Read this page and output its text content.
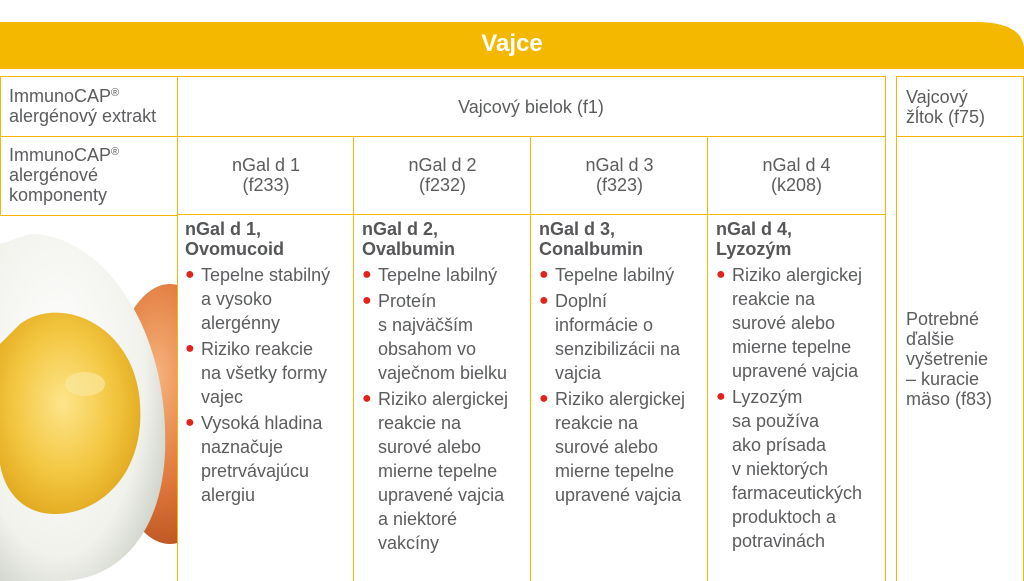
Vajce
ImmunoCAP®
alergénový extrakt	Vajcový bielok (f1)	Vajcový
žĺtok (f75)
ImmunoCAP®
alergénové
komponenty
nGal d 1
(f233)
nGal d 2
(f232)
nGal d 3
(f323)
nGal d 4
(k208)
Potrebné
ďalšie
vyšetrenie
– kuracie
mäso (f83)
nGal d 1,
Ovomucoid
● Tepelne stabilný
a vysoko
alergénny
● Riziko reakcie
na všetky formy
vajec
● Vysoká hladina
naznačuje
pretrvávajúcu
alergiu
nGal d 2,
Ovalbumin
● Tepelne labilný
● Proteín
s najväčším
obsahom vo
vaječnom bielku
● Riziko alergickej
reakcie na
surové alebo
mierne tepelne
upravené vajcia
a niektoré
vakcíny
nGal d 3,
Conalbumin
● Tepelne labilný
● Doplní
informácie o
senzibilizácii na
vajcia
● Riziko alergickej
reakcie na
surové alebo
mierne tepelne
upravené vajcia
nGal d 4,
Lyzozým
● Riziko alergickej
reakcie na
surové alebo
mierne tepelne
upravené vajcia
● Lyzozým
sa používa
ako prísada
v niektorých
farmaceutických
produktoch a
potravinách
